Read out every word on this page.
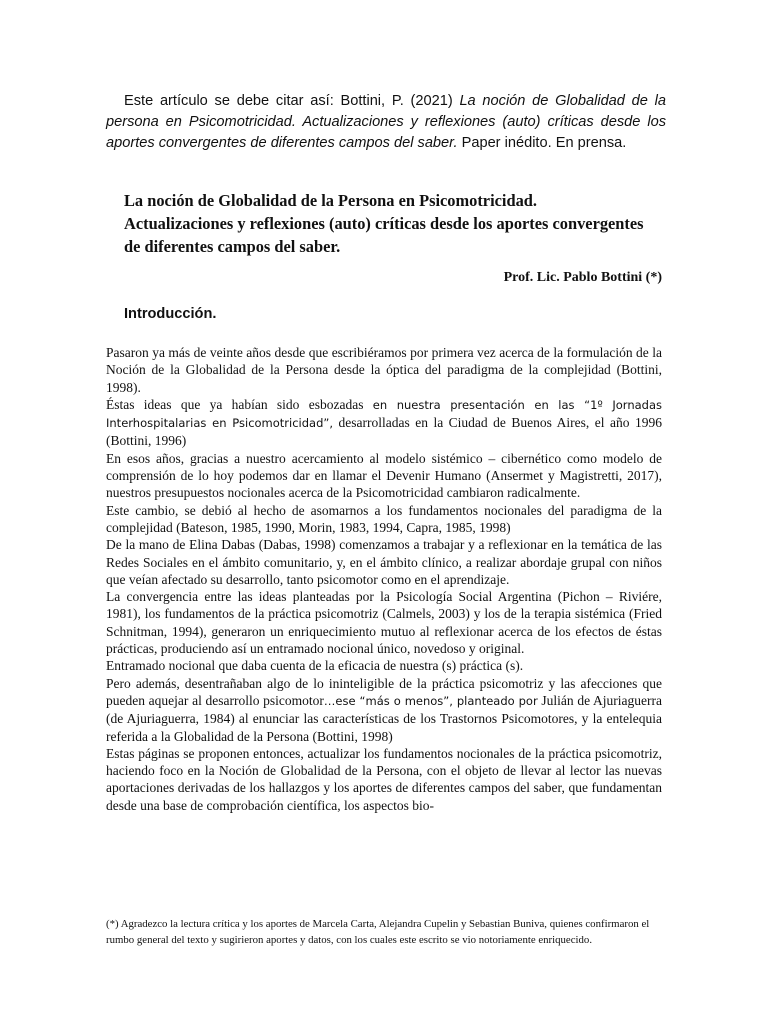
Este artículo se debe citar así: Bottini, P. (2021) La noción de Globalidad de la persona en Psicomotricidad. Actualizaciones y reflexiones (auto) críticas desde los aportes convergentes de diferentes campos del saber. Paper inédito. En prensa.

La noción de Globalidad de la Persona en Psicomotricidad. Actualizaciones y reflexiones (auto) críticas desde los aportes convergentes de diferentes campos del saber.

Prof. Lic. Pablo Bottini (*)

Introducción.

Pasaron ya más de veinte años desde que escribiéramos por primera vez acerca de la formulación de la Noción de la Globalidad de la Persona desde la óptica del paradigma de la complejidad (Bottini, 1998).

Éstas ideas que ya habían sido esbozadas en nuestra presentación en las “1º Jornadas Interhospitalarias en Psicomotricidad”, desarrolladas en la Ciudad de Buenos Aires, el año 1996 (Bottini, 1996)

En esos años, gracias a nuestro acercamiento al modelo sistémico – cibernético como modelo de comprensión de lo hoy podemos dar en llamar el Devenir Humano (Ansermet y Magistretti, 2017), nuestros presupuestos nocionales acerca de la Psicomotricidad cambiaron radicalmente.

Este cambio, se debió al hecho de asomarnos a los fundamentos nocionales del paradigma de la complejidad (Bateson, 1985, 1990, Morin, 1983, 1994, Capra, 1985, 1998)

De la mano de Elina Dabas (Dabas, 1998) comenzamos a trabajar y a reflexionar en la temática de las Redes Sociales en el ámbito comunitario, y, en el ámbito clínico, a realizar abordaje grupal con niños que veían afectado su desarrollo, tanto psicomotor como en el aprendizaje.

La convergencia entre las ideas planteadas por la Psicología Social Argentina (Pichon – Riviére, 1981), los fundamentos de la práctica psicomotriz (Calmels, 2003) y los de la terapia sistémica (Fried Schnitman, 1994), generaron un enriquecimiento mutuo al reflexionar acerca de los efectos de éstas prácticas, produciendo así un entramado nocional único, novedoso y original.

Entramado nocional que daba cuenta de la eficacia de nuestra (s) práctica (s).

Pero además, desentrañaban algo de lo ininteligible de la práctica psicomotriz y las afecciones que pueden aquejar al desarrollo psicomotor…ese “más o menos”, planteado por Julián de Ajuriaguerra (de Ajuriaguerra, 1984) al enunciar las características de los Trastornos Psicomotores, y la entelequia referida a la Globalidad de la Persona (Bottini, 1998)

Estas páginas se proponen entonces, actualizar los fundamentos nocionales de la práctica psicomotriz, haciendo foco en la Noción de Globalidad de la Persona, con el objeto de llevar al lector las nuevas aportaciones derivadas de los hallazgos y los aportes de diferentes campos del saber, que fundamentan desde una base de comprobación científica, los aspectos bio-

(*) Agradezco la lectura crítica y los aportes de Marcela Carta, Alejandra Cupelin y Sebastian Buniva, quienes confirmaron el rumbo general del texto y sugirieron aportes y datos, con los cuales este escrito se vio notoriamente enriquecido.
